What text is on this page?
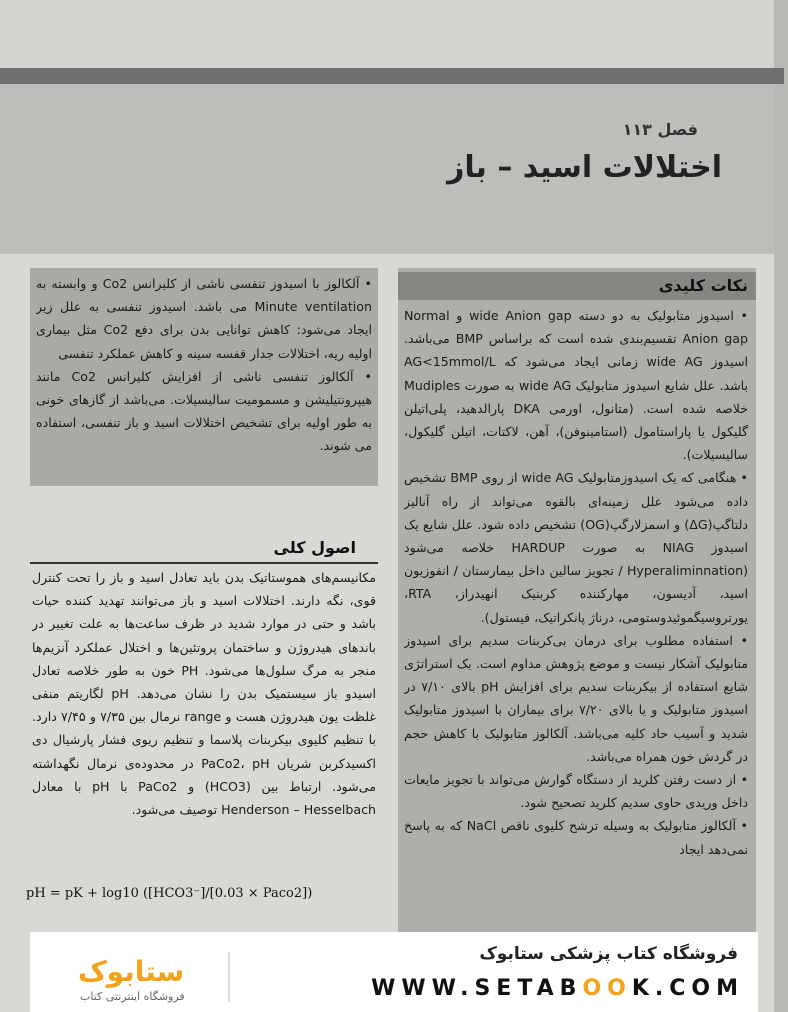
فصل ۱۱۳
اختلالات اسید – باز
نکات کلیدی

• اسیدوز متابولیک به دو دسته wide Anion gap و Normal Anion gap تقسیم‌بندی شده است که براساس BMP می‌باشد. اسیدوز wide AG زمانی ایجاد می‌شود که AG<15mmol/L باشد. علل شایع اسیدوز متابولیک wide AG به صورت Mudiples خلاصه شده است. (متانول، اورمی DKA پارالدهید، پلی‌اتیلن گلیکول یا پاراستامول (استامینوفن)، آهن، لاکتات، اتیلن گلیکول، سالیسیلات).

• هنگامی که یک اسیدوزمتابولیک wide AG از روی BMP تشخیص داده می‌شود علل زمینه‌ای بالقوه می‌تواند از راه آنالیز دلتاگپ(ΔG) و اسمزلارگپ(OG) تشخیص داده شود. علل شایع یک اسیدوز NIAG به صورت HARDUP خلاصه می‌شود (Hyperaliminnation / تجویز سالین داخل بیمارستان / انفوزیون اسید، آدیسون، مهارکننده کربنیک انهیدراز، RTA، یورتروسیگموئیدوستومی، درناژ پانکراتیک، فیستول).

• استفاده مطلوب برای درمان بی‌کربنات سدیم برای اسیدوز متابولیک آشکار نیست و موضع پژوهش مداوم است. یک استراتژی شایع استفاده از بیکربنات سدیم برای افزایش pH بالای ۷/۱۰ در اسیدوز متابولیک و یا بالای ۷/۲۰ برای بیماران با اسیدوز متابولیک شدید و آسیب حاد کلیه می‌باشد. آلکالوز متابولیک با کاهش حجم در گردش خون همراه می‌باشد.

• از دست رفتن کلرید از دستگاه گوارش می‌تواند با تجویز مایعات داخل وریدی حاوی سدیم کلرید تصحیح شود.

• آلکالوز متابولیک به وسیله ترشح کلیوی ناقص NaCl که به پاسخ نمی‌دهد ایجاد

• آلکالوز با اسیدوز تنفسی ناشی از کلیرانس Co2 و وابسته به Minute ventilation می باشد. اسیدوز تنفسی به علل زیر ایجاد می‌شود: کاهش توانایی بدن برای دفع Co2 مثل بیماری اولیه ریه، اختلالات جدار قفسه سینه و کاهش عملکرد تنفسی

• آلکالوز تنفسی ناشی از افزایش کلیرانس Co2 مانند هیپرونتیلیشن و مسمومیت سالیسیلات. می‌باشد از گازهای خونی به طور اولیه برای تشخیص اختلالات اسید و باز تنفسی، استفاده می شوند.

اصول کلی

مکانیسم‌های هموستاتیک بدن باید تعادل اسید و باز را تحت کنترل قوی، نگه دارند. اختلالات اسید و باز می‌توانند تهدید کننده حیات باشد و حتی در موارد شدید در ظرف ساعت‌ها به علت تغییر در باندهای هیدروژن و ساختمان پروتئین‌ها و اختلال عملکرد آنزیم‌ها منجر به مرگ سلول‌ها می‌شود. PH خون به طور خلاصه تعادل اسیدو باز سیستمیک بدن را نشان می‌دهد. pH لگاریتم منفی غلظت یون هیدروژن هست و range نرمال بین ۷/۳۵ و ۷/۴۵ دارد. با تنظیم کلیوی بیکربنات پلاسما و تنظیم ریوی فشار پارشیال دی اکسیدکربن شریان PaCo2، pH در محدوده‌ی نرمال نگهداشته می‌شود. ارتباط بین (HCO3) و PaCo2 با pH با معادل Henderson – Hesselbach توصیف می‌شود.

pH = pK + log10 ([HCO3⁻]/[0.03 × Paco2])
ستابوک
فروشگاه اینترنتی کتاب
فروشگاه کتاب پزشکی ستابوک
WWW.SETABOOK.COM
